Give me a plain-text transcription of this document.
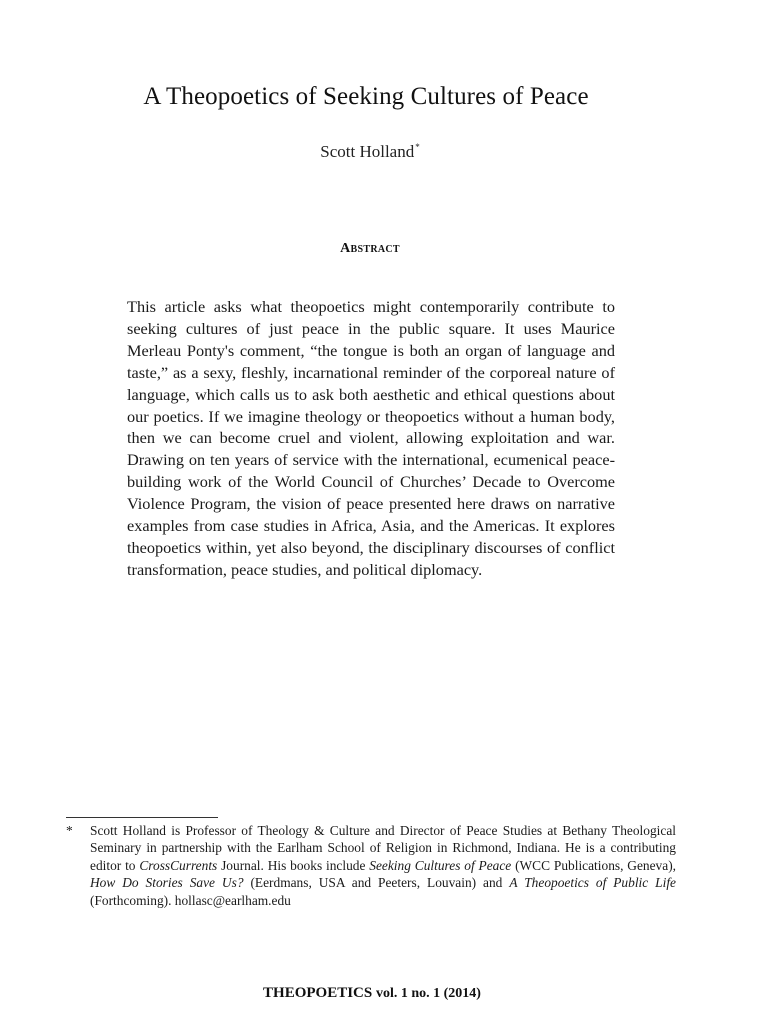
A Theopoetics of Seeking Cultures of Peace
Scott Holland*
Abstract

This article asks what theopoetics might contemporarily contribute to seeking cultures of just peace in the public square. It uses Maurice Merleau Ponty's comment, “the tongue is both an organ of language and taste,” as a sexy, fleshly, incarnational reminder of the corporeal nature of language, which calls us to ask both aesthetic and ethical questions about our poetics. If we imagine theology or theopoetics without a human body, then we can become cruel and violent, allowing exploitation and war. Drawing on ten years of service with the international, ecumenical peace-building work of the World Council of Churches’ Decade to Overcome Violence Program, the vision of peace presented here draws on narrative examples from case studies in Africa, Asia, and the Americas. It explores theopoetics within, yet also beyond, the disciplinary discourses of conflict transformation, peace studies, and political diplomacy.

*	Scott Holland is Professor of Theology & Culture and Director of Peace Studies at Bethany Theological Seminary in partnership with the Earlham School of Religion in Richmond, Indiana. He is a contributing editor to CrossCurrents Journal. His books include Seeking Cultures of Peace (WCC Publications, Geneva), How Do Stories Save Us? (Eerdmans, USA and Peeters, Louvain) and A Theopoetics of Public Life (Forthcoming). hollasc@earlham.edu
THEOPOETICS vol. 1 no. 1 (2014)
